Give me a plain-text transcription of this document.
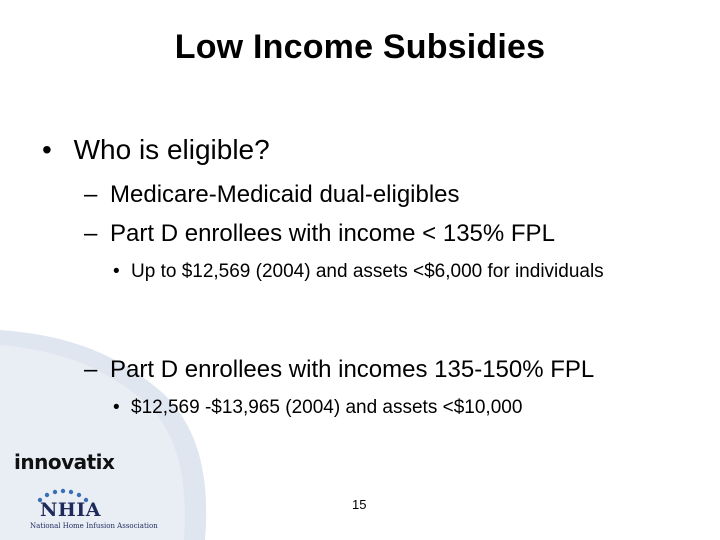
Low Income Subsidies
• Who is eligible?
– Medicare-Medicaid dual-eligibles
– Part D enrollees with income < 135% FPL
• Up to $12,569 (2004) and assets <$6,000 for individuals
– Part D enrollees with incomes 135-150% FPL
• $12,569 -$13,965 (2004) and assets <$10,000
innovatix
NHIA
National Home Infusion Association
15
